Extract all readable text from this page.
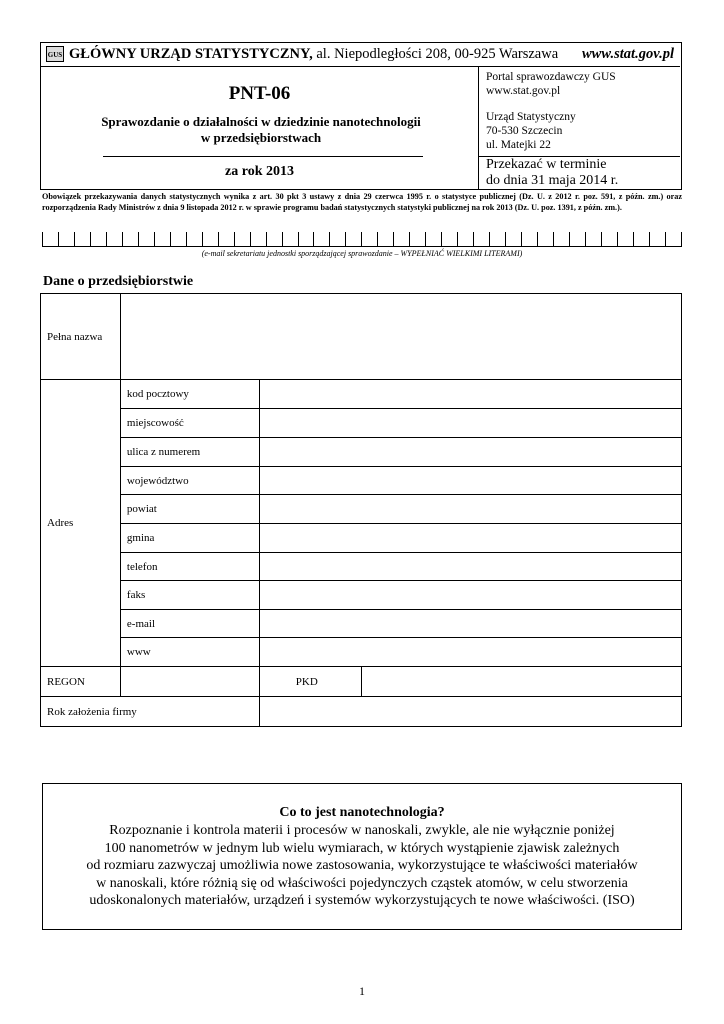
GUS GŁÓWNY URZĄD STATYSTYCZNY, al. Niepodległości 208, 00-925 Warszawa www.stat.gov.pl
PNT-06
Sprawozdanie o działalności w dziedzinie nanotechnologii
w przedsiębiorstwach
za rok 2013
Portal sprawozdawczy GUS
www.stat.gov.pl
Urząd Statystyczny
70-530 Szczecin
ul. Matejki 22
Przekazać w terminie
do dnia 31 maja 2014 r.
Obowiązek przekazywania danych statystycznych wynika z art. 30 pkt 3 ustawy z dnia 29 czerwca 1995 r. o statystyce publicznej (Dz. U. z 2012 r. poz. 591, z późn. zm.) oraz rozporządzenia Rady Ministrów z dnia 9 listopada 2012 r. w sprawie programu badań statystycznych statystyki publicznej na rok 2013 (Dz. U. poz. 1391, z późn. zm.).
(e-mail sekretariatu jednostki sporządzającej sprawozdanie – WYPEŁNIAĆ WIELKIMI LITERAMI)
Dane o przedsiębiorstwie
Pełna nazwa			
Adres	kod pocztowy		
	miejscowość		
	ulica z numerem		
	województwo		
	powiat		
	gmina		
	telefon		
	faks		
	e-mail		
	www		
REGON		PKD	
Rok założenia firmy			
Co to jest nanotechnologia?
Rozpoznanie i kontrola materii i procesów w nanoskali, zwykle, ale nie wyłącznie poniżej
100 nanometrów w jednym lub wielu wymiarach, w których wystąpienie zjawisk zależnych
od rozmiaru zazwyczaj umożliwia nowe zastosowania, wykorzystujące te właściwości materiałów
w nanoskali, które różnią się od właściwości pojedynczych cząstek atomów, w celu stworzenia
udoskonalonych materiałów, urządzeń i systemów wykorzystujących te nowe właściwości. (ISO)
1
